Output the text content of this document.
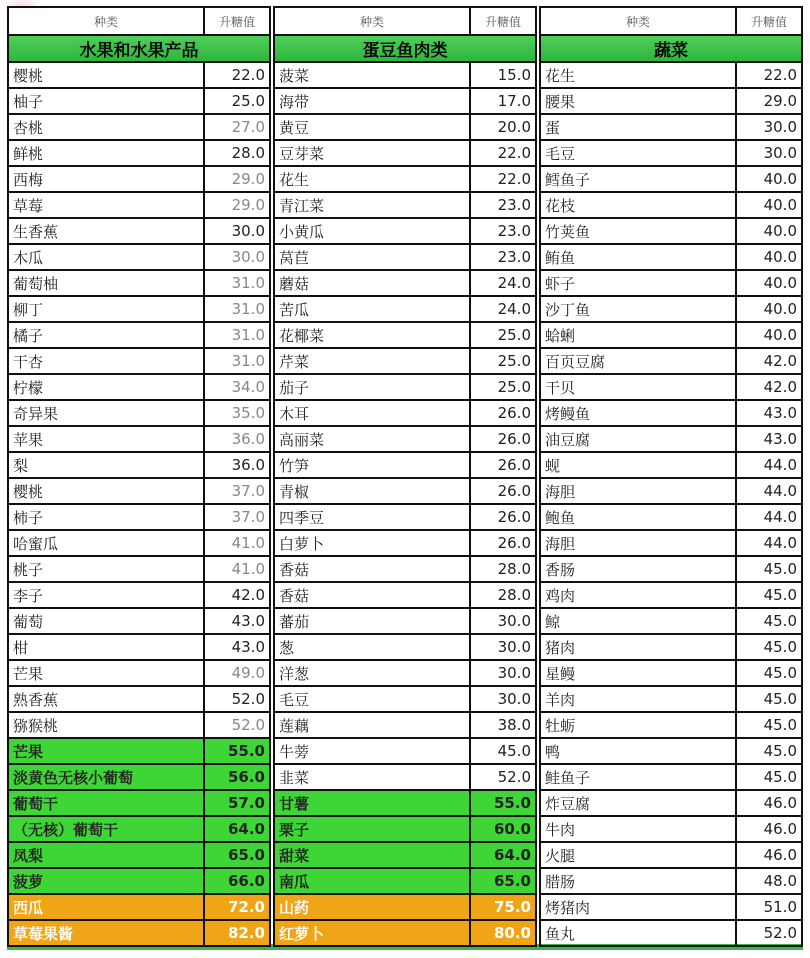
种类	升糖值
水果和水果产品	
樱桃	22.0
柚子	25.0
杏桃	27.0
鲜桃	28.0
西梅	29.0
草莓	29.0
生香蕉	30.0
木瓜	30.0
葡萄柚	31.0
柳丁	31.0
橘子	31.0
干杏	31.0
柠檬	34.0
奇异果	35.0
苹果	36.0
梨	36.0
樱桃	37.0
柿子	37.0
哈蜜瓜	41.0
桃子	41.0
李子	42.0
葡萄	43.0
柑	43.0
芒果	49.0
熟香蕉	52.0
猕猴桃	52.0
芒果	55.0
淡黄色无核小葡萄	56.0
葡萄干	57.0
（无核）葡萄干	64.0
凤梨	65.0
菠萝	66.0
西瓜	72.0
草莓果酱	82.0
种类	升糖值
蛋豆鱼肉类	
菠菜	15.0
海带	17.0
黄豆	20.0
豆芽菜	22.0
花生	22.0
青江菜	23.0
小黄瓜	23.0
莴苣	23.0
蘑菇	24.0
苦瓜	24.0
花椰菜	25.0
芹菜	25.0
茄子	25.0
木耳	26.0
高丽菜	26.0
竹笋	26.0
青椒	26.0
四季豆	26.0
白萝卜	26.0
香菇	28.0
香菇	28.0
蕃茄	30.0
葱	30.0
洋葱	30.0
毛豆	30.0
莲藕	38.0
牛蒡	45.0
韭菜	52.0
甘薯	55.0
栗子	60.0
甜菜	64.0
南瓜	65.0
山药	75.0
红萝卜	80.0
种类	升糖值
蔬菜	
花生	22.0
腰果	29.0
蛋	30.0
毛豆	30.0
鳕鱼子	40.0
花枝	40.0
竹荚鱼	40.0
鲔鱼	40.0
虾子	40.0
沙丁鱼	40.0
蛤蜊	40.0
百页豆腐	42.0
干贝	42.0
烤鳗鱼	43.0
油豆腐	43.0
蚬	44.0
海胆	44.0
鲍鱼	44.0
海胆	44.0
香肠	45.0
鸡肉	45.0
鲸	45.0
猪肉	45.0
星鳗	45.0
羊肉	45.0
牡蛎	45.0
鸭	45.0
鲑鱼子	45.0
炸豆腐	46.0
牛肉	46.0
火腿	46.0
腊肠	48.0
烤猪肉	51.0
鱼丸	52.0
